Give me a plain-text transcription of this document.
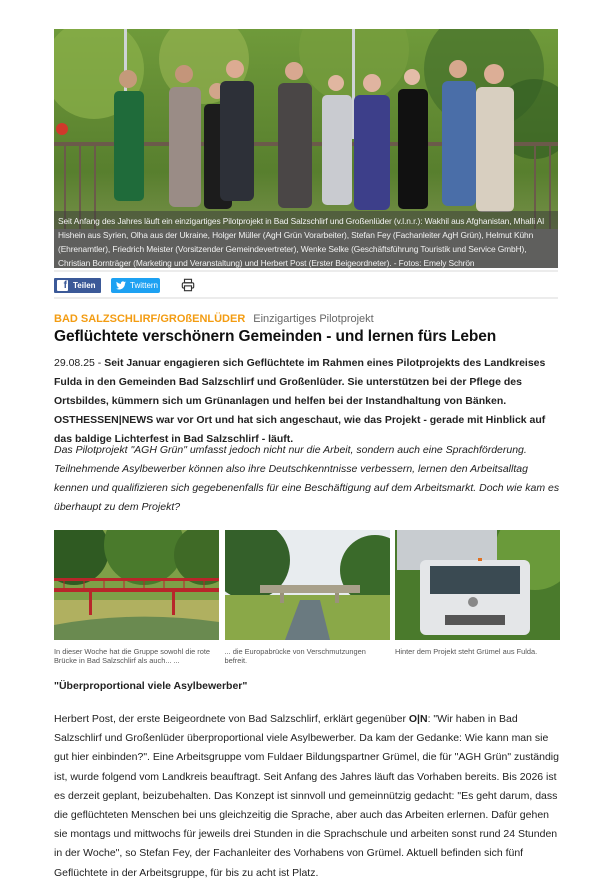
Seit Anfang des Jahres läuft ein einzigartiges Pilotprojekt in Bad Salzschlirf und Großenlüder (v.l.n.r.): Wakhil aus Afghanistan, Mhalli Al Hishein aus Syrien, Olha aus der Ukraine, Holger Müller (AgH Grün Vorarbeiter), Stefan Fey (Fachanleiter AgH Grün), Helmut Kühn (Ehrenamtler), Friedrich Meister (Vorsitzender Gemeindevertreter), Wenke Selke (Geschäftsführung Touristik und Service GmbH), Christian Bornträger (Marketing und Veranstaltung) und Herbert Post (Erster Beigeordneter). - Fotos: Emely Schrön
f Teilen	Twittern
BAD SALZSCHLIRF/GROßENLÜDER Einzigartiges Pilotprojekt
Geflüchtete verschönern Gemeinden - und lernen fürs Leben

29.08.25 - Seit Januar engagieren sich Geflüchtete im Rahmen eines Pilotprojekts des Landkreises Fulda in den Gemeinden Bad Salzschlirf und Großenlüder. Sie unterstützen bei der Pflege des Ortsbildes, kümmern sich um Grünanlagen und helfen bei der Instandhaltung von Bänken. OSTHESSEN|NEWS war vor Ort und hat sich angeschaut, wie das Projekt - gerade mit Hinblick auf das baldige Lichterfest in Bad Salzschlirf - läuft.

Das Pilotprojekt "AGH Grün" umfasst jedoch nicht nur die Arbeit, sondern auch eine Sprachförderung. Teilnehmende Asylbewerber können also ihre Deutschkenntnisse verbessern, lernen den Arbeitsalltag kennen und qualifizieren sich gegebenenfalls für eine Beschäftigung auf dem Arbeitsmarkt. Doch wie kam es überhaupt zu dem Projekt?

In dieser Woche hat die Gruppe sowohl die rote Brücke in Bad Salzschlirf als auch... ...
... die Europabrücke von Verschmutzungen befreit.
Hinter dem Projekt steht Grümel aus Fulda.
"Überproportional viele Asylbewerber"

Herbert Post, der erste Beigeordnete von Bad Salzschlirf, erklärt gegenüber O|N: "Wir haben in Bad Salzschlirf und Großenlüder überproportional viele Asylbewerber. Da kam der Gedanke: Wie kann man sie gut hier einbinden?". Eine Arbeitsgruppe vom Fuldaer Bildungspartner Grümel, die für "AGH Grün" zuständig ist, wurde folgend vom Landkreis beauftragt. Seit Anfang des Jahres läuft das Vorhaben bereits. Bis 2026 ist es derzeit geplant, beizubehalten. Das Konzept ist sinnvoll und gemeinnützig gedacht: "Es geht darum, dass die geflüchteten Menschen bei uns gleichzeitig die Sprache, aber auch das Arbeiten erlernen. Dafür gehen sie montags und mittwochs für jeweils drei Stunden in die Sprachschule und arbeiten sonst rund 24 Stunden in der Woche", so Stefan Fey, der Fachanleiter des Vorhabens von Grümel. Aktuell befinden sich fünf Geflüchtete in der Arbeitsgruppe, für bis zu acht ist Platz.
